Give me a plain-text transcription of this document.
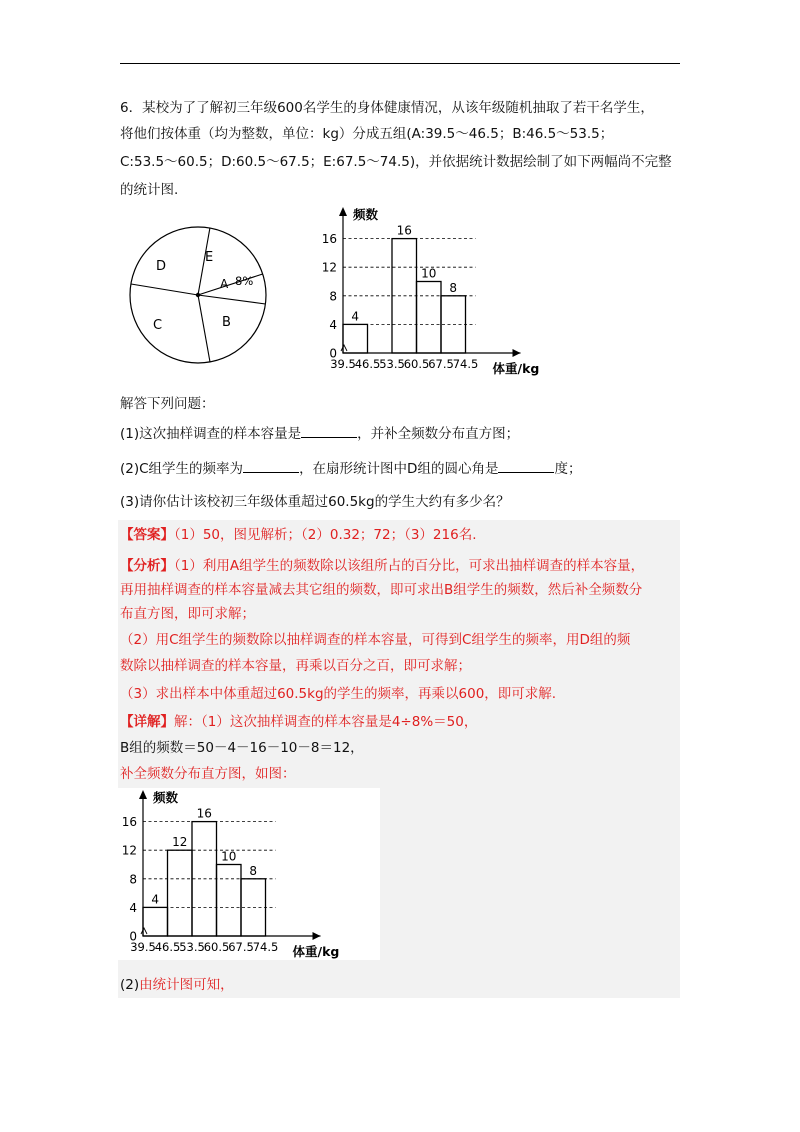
6．某校为了了解初三年级600名学生的身体健康情况，从该年级随机抽取了若干名学生，
将他们按体重（均为整数，单位：kg）分成五组(A:39.5～46.5；B:46.5～53.5；
C:53.5～60.5；D:60.5～67.5；E:67.5～74.5)，并依据统计数据绘制了如下两幅尚不完整
的统计图.
D
E
A 8%
B
C
16
12
8
4
0
4
16
10
8
39.5
46.5
53.5
60.5
67.5
74.5
频数
体重/kg
解答下列问题：
(1)这次抽样调查的样本容量是	，并补全频数分布直方图；
(2)C组学生的频率为	，在扇形统计图中D组的圆心角是	度；
(3)请你估计该校初三年级体重超过60.5kg的学生大约有多少名？
【答案】（1）50，图见解析；（2）0.32；72；（3）216名.
【分析】（1）利用A组学生的频数除以该组所占的百分比，可求出抽样调查的样本容量，
再用抽样调查的样本容量减去其它组的频数，即可求出B组学生的频数，然后补全频数分
布直方图，即可求解；
（2）用C组学生的频数除以抽样调查的样本容量，可得到C组学生的频率，用D组的频
数除以抽样调查的样本容量，再乘以百分之百，即可求解；
（3）求出样本中体重超过60.5kg的学生的频率，再乘以600，即可求解.
【详解】解：（1）这次抽样调查的样本容量是4÷8%＝50，
B组的频数＝50－4－16－10－8＝12，
补全频数分布直方图，如图：
16
12
8
4
0
4
12
16
10
8
39.5
46.5
53.5
60.5
67.5
74.5
频数
体重/kg
(2)由统计图可知，
